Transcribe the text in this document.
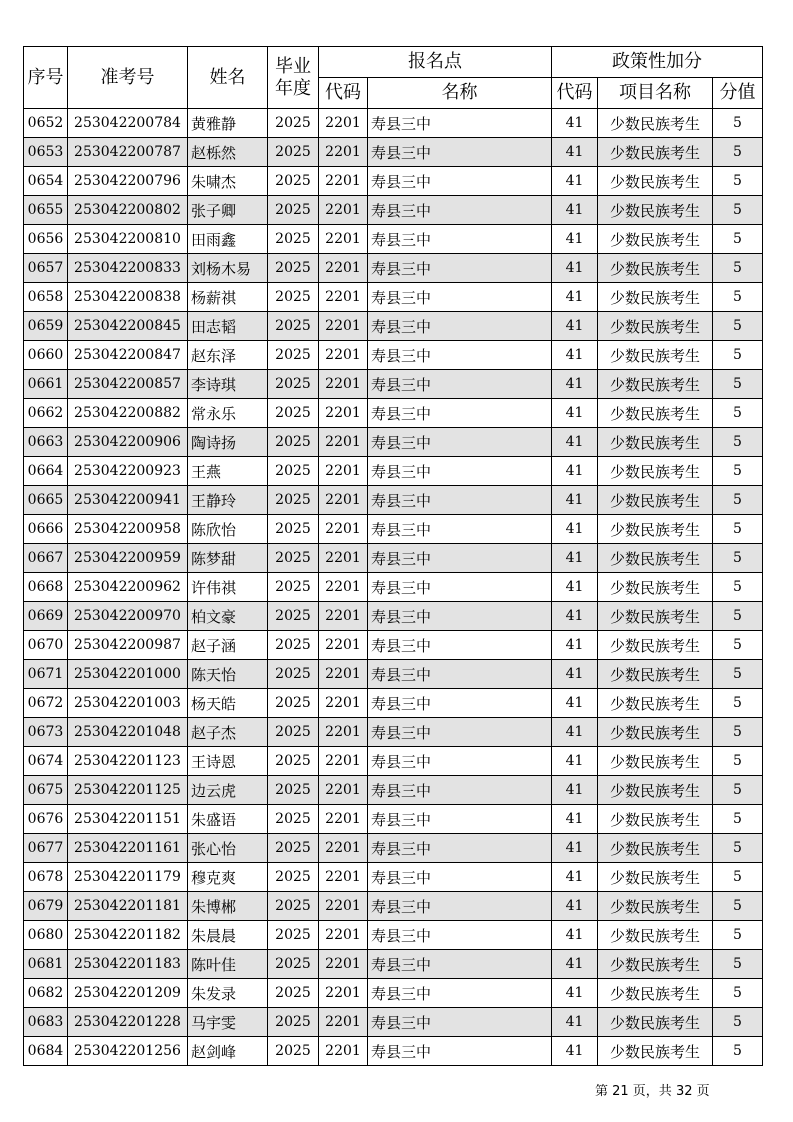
序号	准考号	姓名	毕业年度	报名点		政策性加分		
				代码	名称	代码	项目名称	分值
0652	253042200784	黄雅静	2025	2201	寿县三中	41	少数民族考生	5
0653	253042200787	赵栎然	2025	2201	寿县三中	41	少数民族考生	5
0654	253042200796	朱啸杰	2025	2201	寿县三中	41	少数民族考生	5
0655	253042200802	张子卿	2025	2201	寿县三中	41	少数民族考生	5
0656	253042200810	田雨鑫	2025	2201	寿县三中	41	少数民族考生	5
0657	253042200833	刘杨木易	2025	2201	寿县三中	41	少数民族考生	5
0658	253042200838	杨薪祺	2025	2201	寿县三中	41	少数民族考生	5
0659	253042200845	田志韬	2025	2201	寿县三中	41	少数民族考生	5
0660	253042200847	赵东泽	2025	2201	寿县三中	41	少数民族考生	5
0661	253042200857	李诗琪	2025	2201	寿县三中	41	少数民族考生	5
0662	253042200882	常永乐	2025	2201	寿县三中	41	少数民族考生	5
0663	253042200906	陶诗扬	2025	2201	寿县三中	41	少数民族考生	5
0664	253042200923	王燕	2025	2201	寿县三中	41	少数民族考生	5
0665	253042200941	王静玲	2025	2201	寿县三中	41	少数民族考生	5
0666	253042200958	陈欣怡	2025	2201	寿县三中	41	少数民族考生	5
0667	253042200959	陈梦甜	2025	2201	寿县三中	41	少数民族考生	5
0668	253042200962	许伟祺	2025	2201	寿县三中	41	少数民族考生	5
0669	253042200970	柏文豪	2025	2201	寿县三中	41	少数民族考生	5
0670	253042200987	赵子涵	2025	2201	寿县三中	41	少数民族考生	5
0671	253042201000	陈天怡	2025	2201	寿县三中	41	少数民族考生	5
0672	253042201003	杨天皓	2025	2201	寿县三中	41	少数民族考生	5
0673	253042201048	赵子杰	2025	2201	寿县三中	41	少数民族考生	5
0674	253042201123	王诗恩	2025	2201	寿县三中	41	少数民族考生	5
0675	253042201125	边云虎	2025	2201	寿县三中	41	少数民族考生	5
0676	253042201151	朱盛语	2025	2201	寿县三中	41	少数民族考生	5
0677	253042201161	张心怡	2025	2201	寿县三中	41	少数民族考生	5
0678	253042201179	穆克爽	2025	2201	寿县三中	41	少数民族考生	5
0679	253042201181	朱博郴	2025	2201	寿县三中	41	少数民族考生	5
0680	253042201182	朱晨晨	2025	2201	寿县三中	41	少数民族考生	5
0681	253042201183	陈叶佳	2025	2201	寿县三中	41	少数民族考生	5
0682	253042201209	朱发录	2025	2201	寿县三中	41	少数民族考生	5
0683	253042201228	马宇雯	2025	2201	寿县三中	41	少数民族考生	5
0684	253042201256	赵剑峰	2025	2201	寿县三中	41	少数民族考生	5
第 21 页，共 32 页
